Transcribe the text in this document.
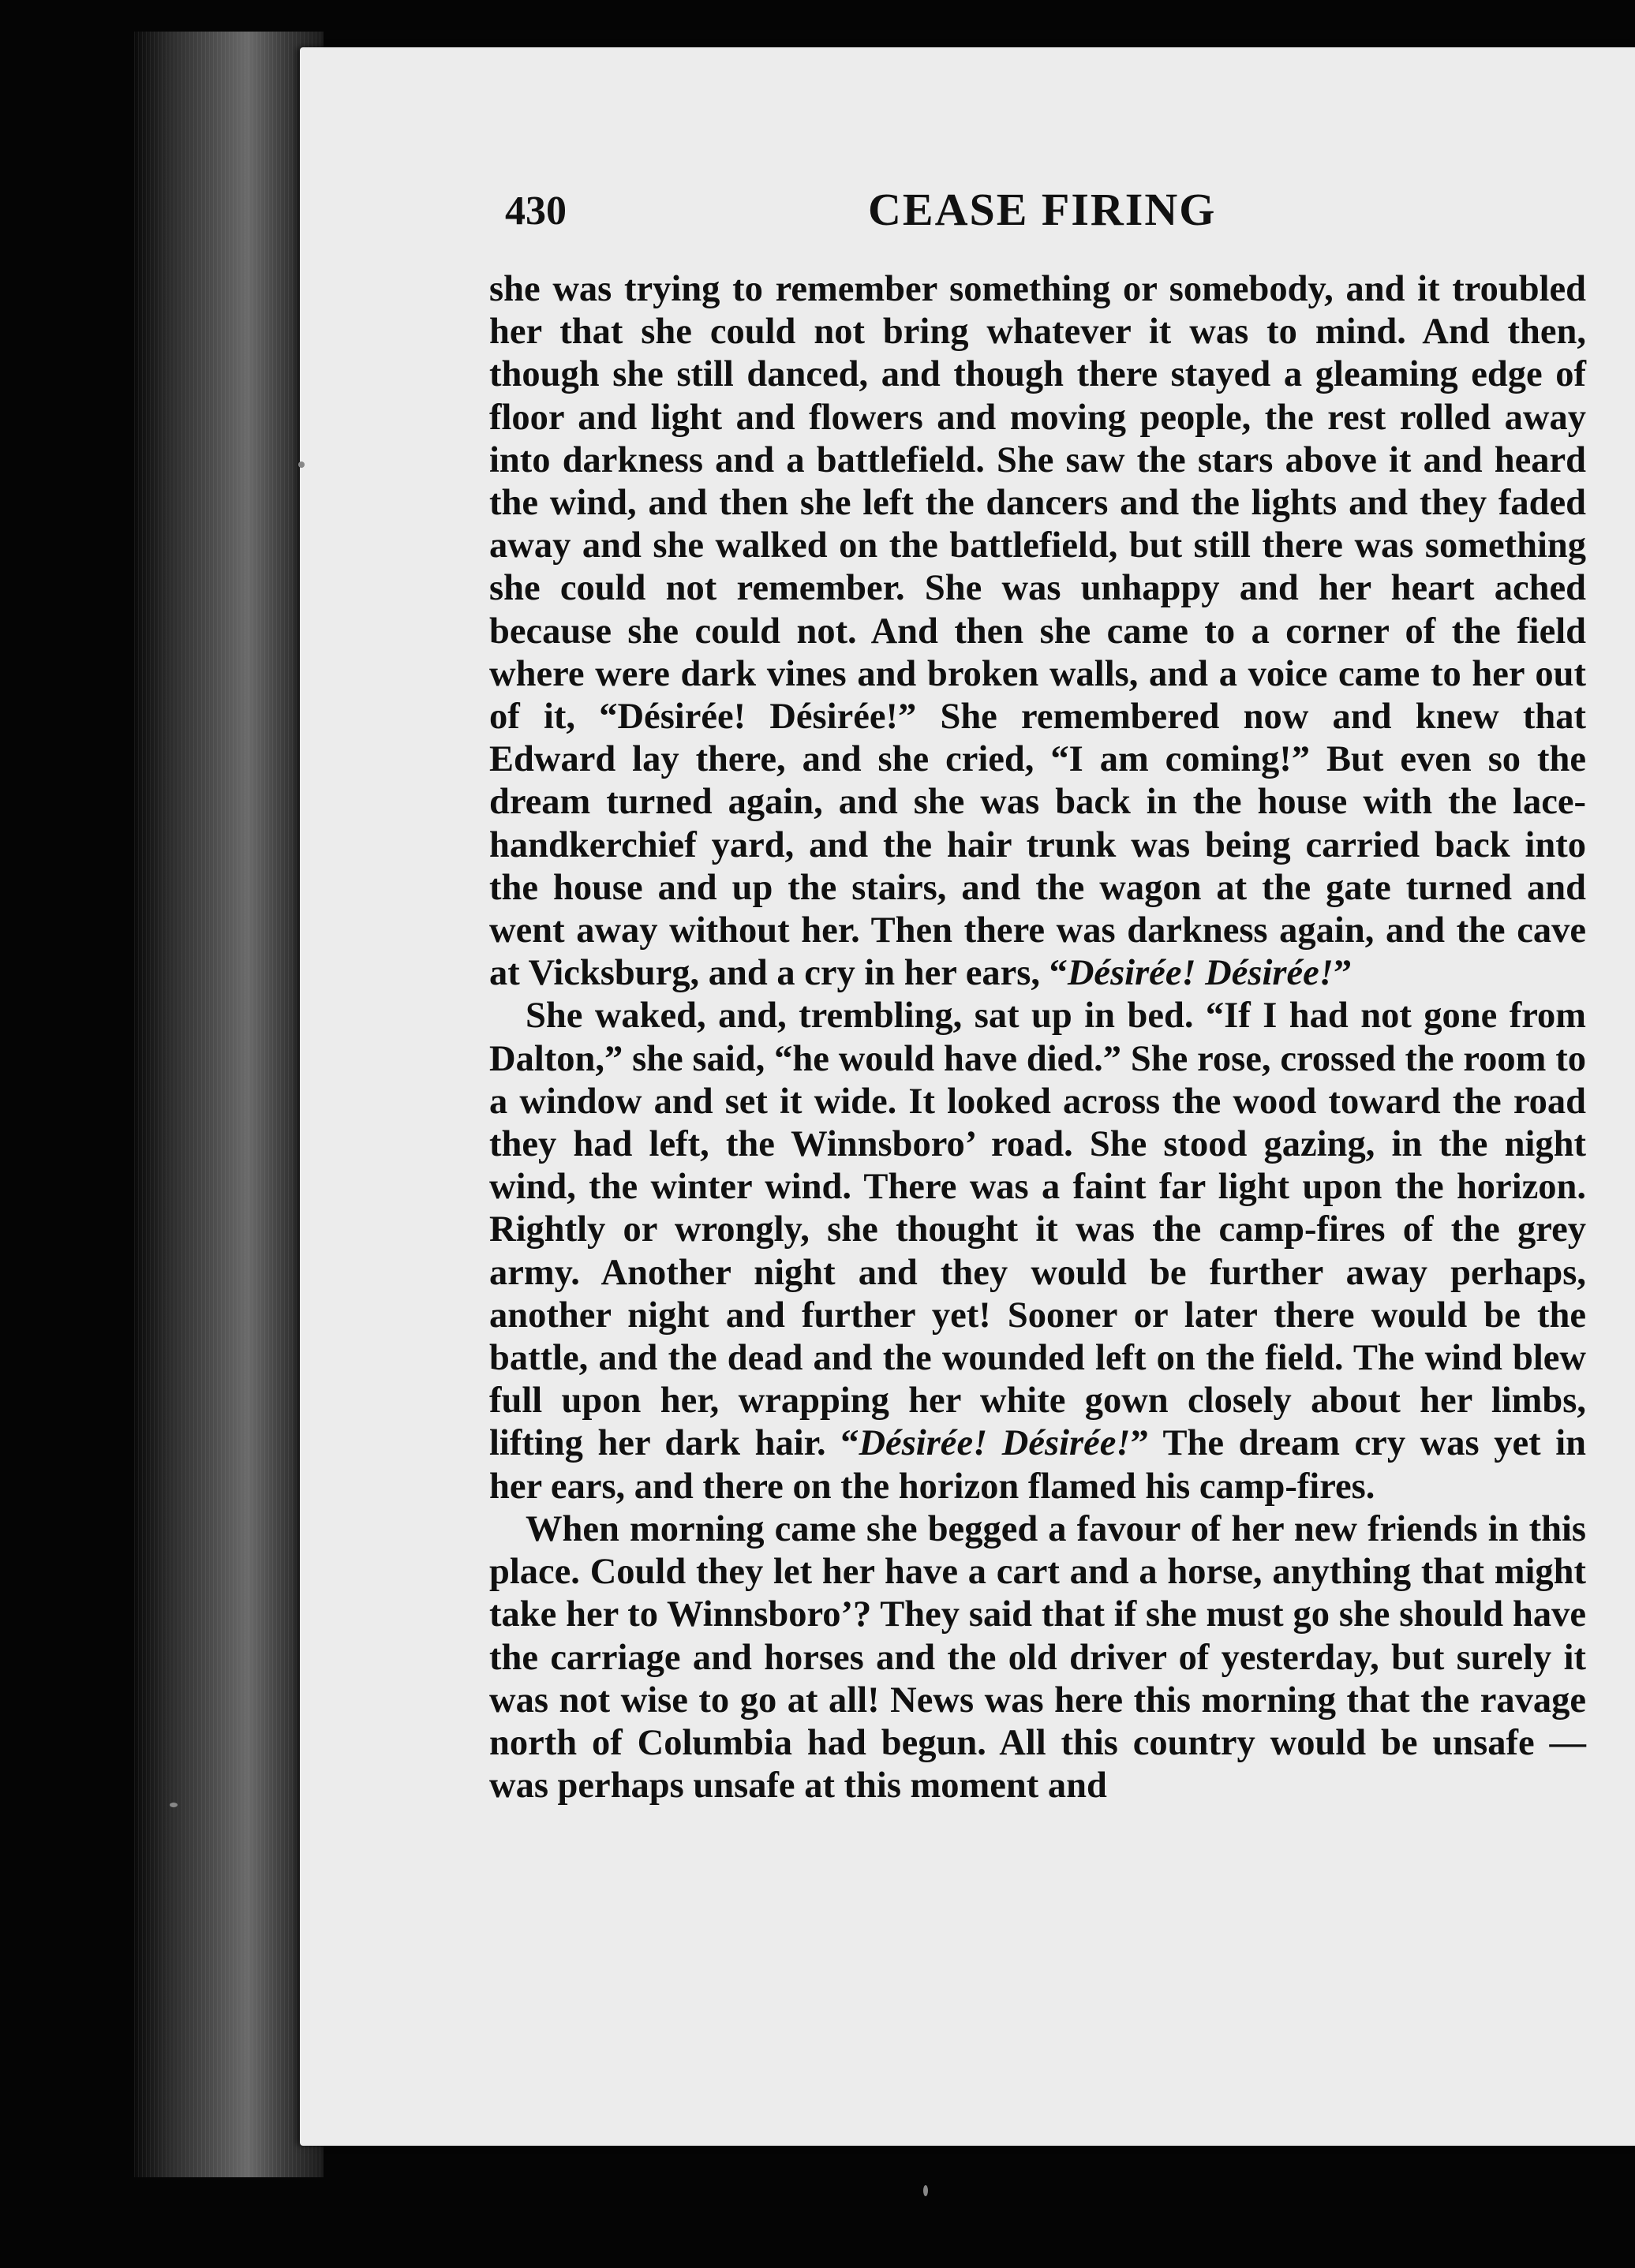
430	CEASE FIRING

she was trying to remember something or somebody, and it troubled her that she could not bring whatever it was to mind. And then, though she still danced, and though there stayed a gleaming edge of floor and light and flowers and moving people, the rest rolled away into darkness and a battlefield. She saw the stars above it and heard the wind, and then she left the dancers and the lights and they faded away and she walked on the battlefield, but still there was something she could not remember. She was unhappy and her heart ached because she could not. And then she came to a corner of the field where were dark vines and broken walls, and a voice came to her out of it, “Désirée! Désirée!” She remembered now and knew that Edward lay there, and she cried, “I am coming!” But even so the dream turned again, and she was back in the house with the lace-handkerchief yard, and the hair trunk was being carried back into the house and up the stairs, and the wagon at the gate turned and went away without her. Then there was darkness again, and the cave at Vicksburg, and a cry in her ears, “Désirée! Désirée!”

She waked, and, trembling, sat up in bed. “If I had not gone from Dalton,” she said, “he would have died.” She rose, crossed the room to a window and set it wide. It looked across the wood toward the road they had left, the Winnsboro’ road. She stood gazing, in the night wind, the winter wind. There was a faint far light upon the horizon. Rightly or wrongly, she thought it was the camp-fires of the grey army. Another night and they would be further away perhaps, another night and further yet! Sooner or later there would be the battle, and the dead and the wounded left on the field. The wind blew full upon her, wrapping her white gown closely about her limbs, lifting her dark hair. “Désirée! Désirée!” The dream cry was yet in her ears, and there on the horizon flamed his camp-fires.

When morning came she begged a favour of her new friends in this place. Could they let her have a cart and a horse, anything that might take her to Winnsboro’? They said that if she must go she should have the carriage and horses and the old driver of yesterday, but surely it was not wise to go at all! News was here this morning that the ravage north of Columbia had begun. All this country would be unsafe — was perhaps unsafe at this moment and
